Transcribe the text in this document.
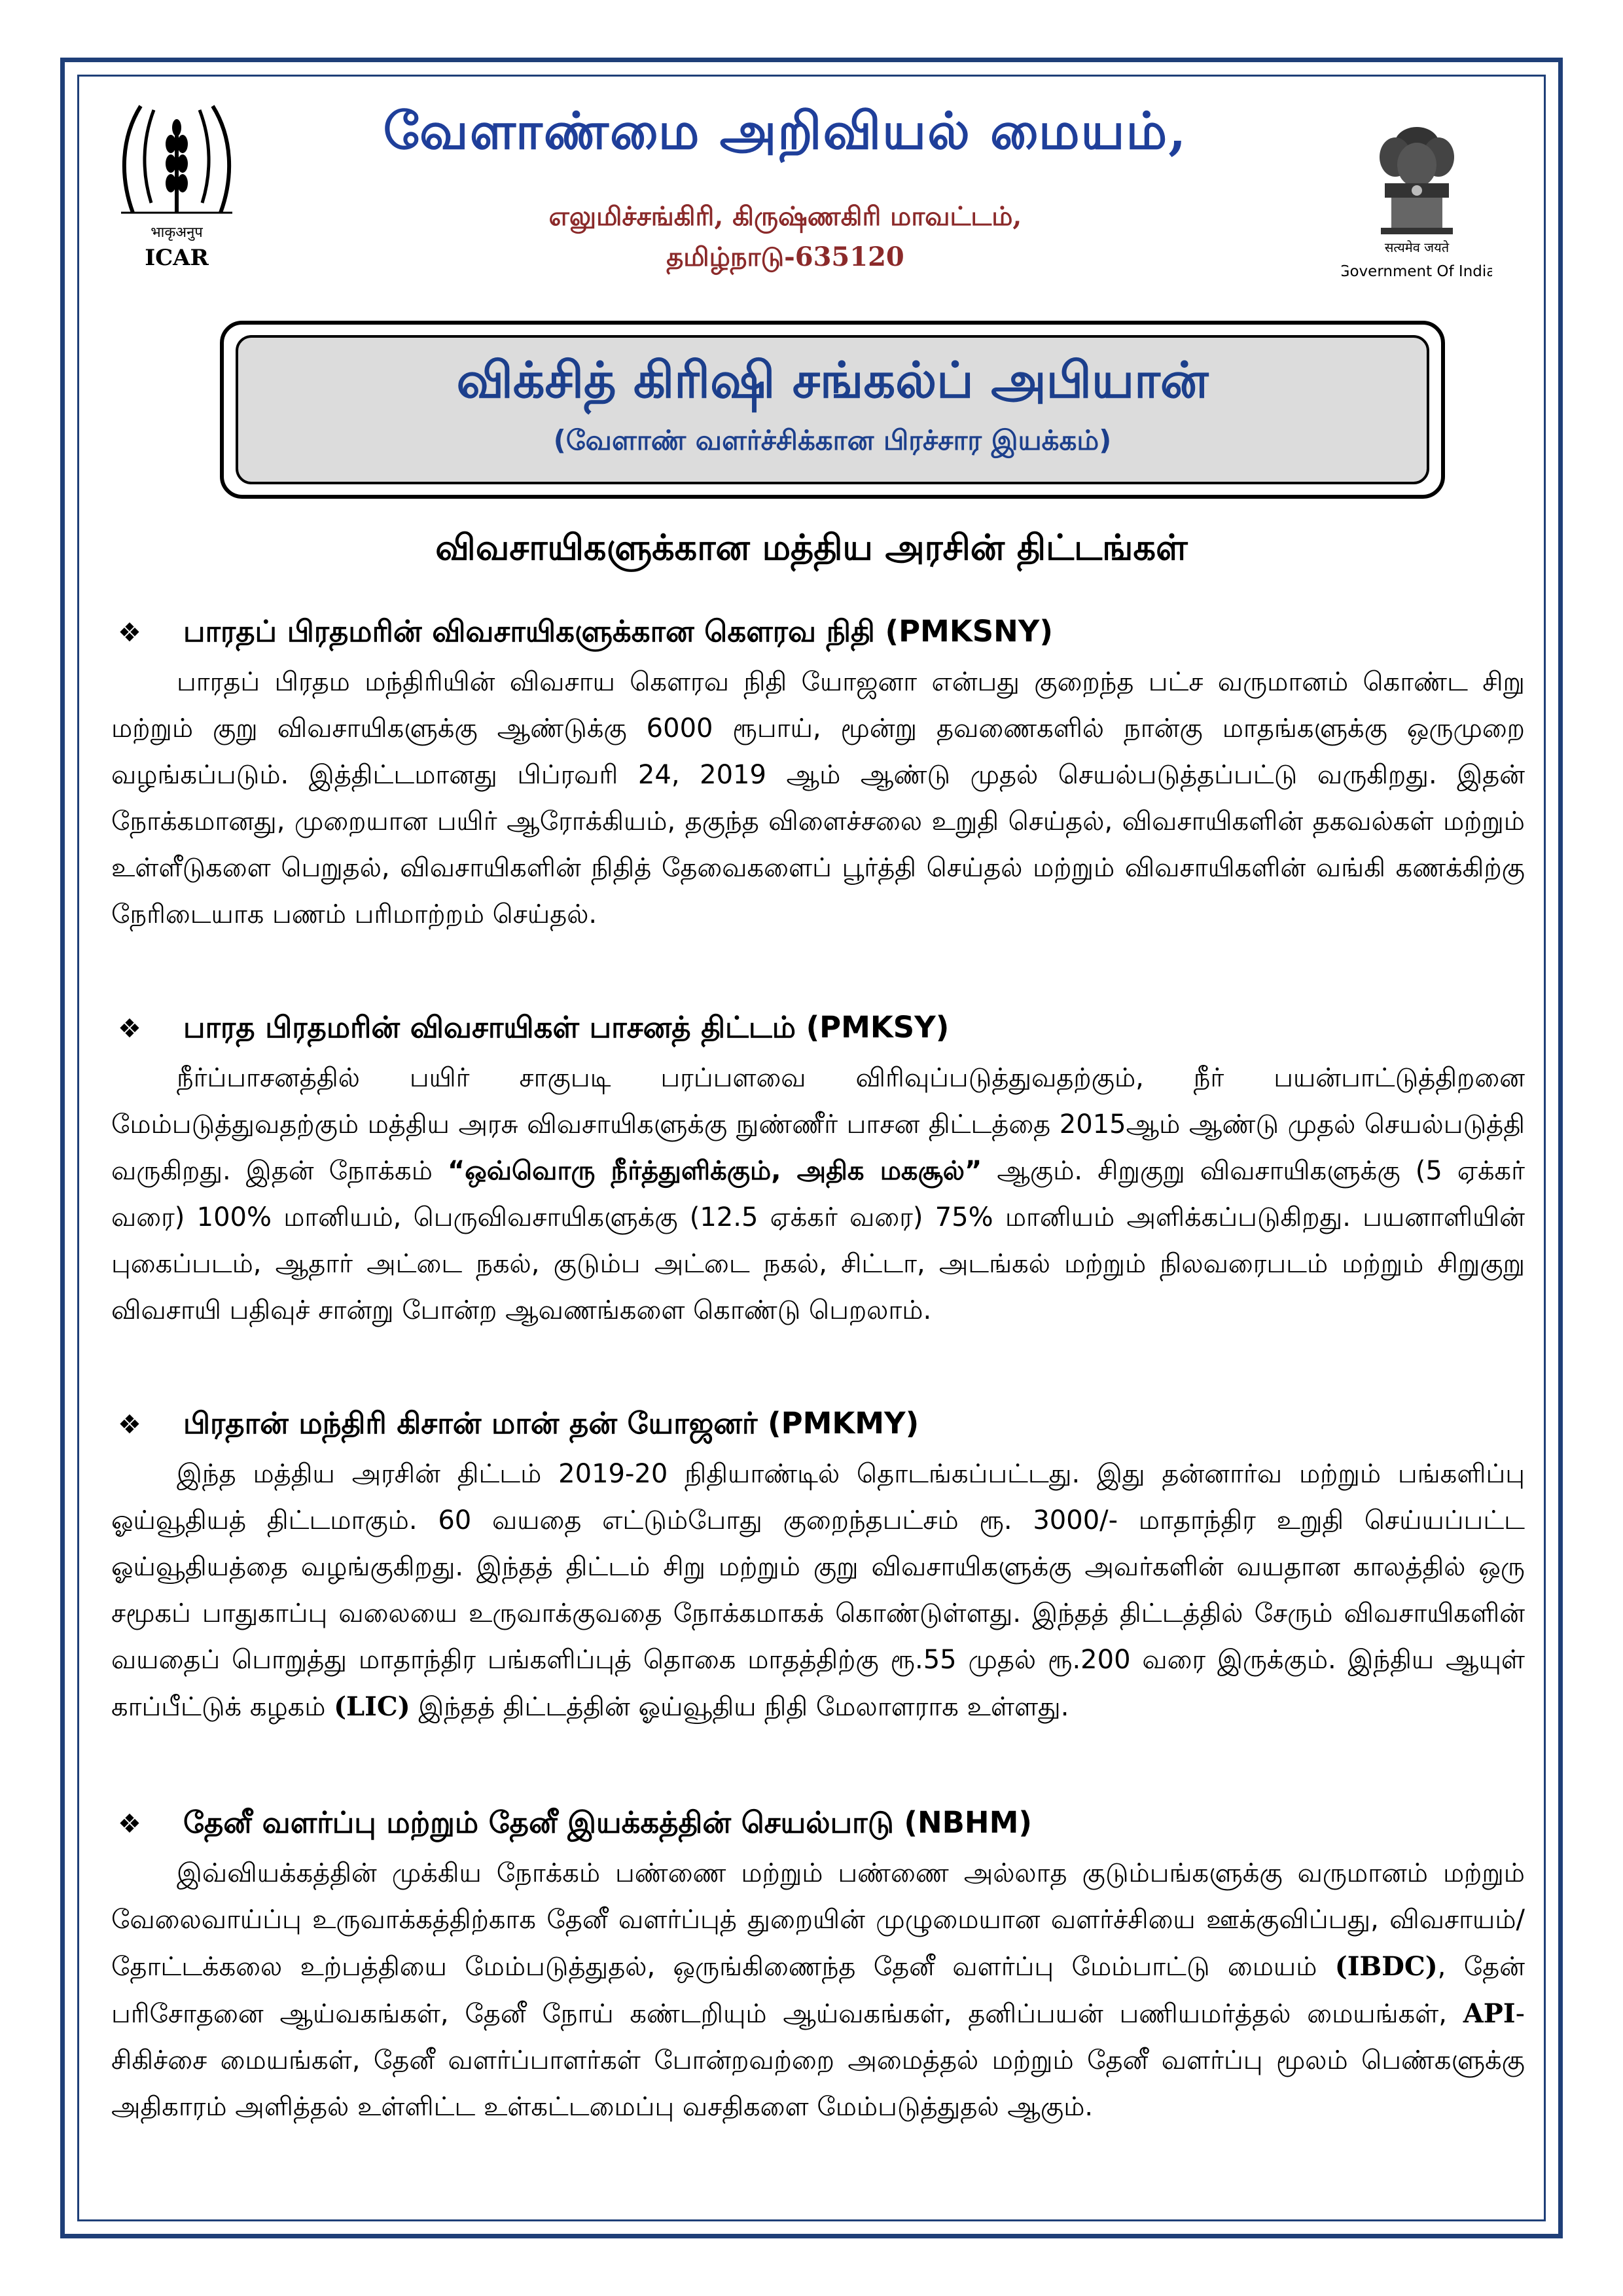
भाकृअनुप
ICAR	सत्यमेव जयते
Government Of India
வேளாண்மை அறிவியல் மையம்,
எலுமிச்சங்கிரி, கிருஷ்ணகிரி மாவட்டம்,
தமிழ்நாடு-635120
விக்சித் கிரிஷி சங்கல்ப் அபியான்
(வேளாண் வளர்ச்சிக்கான பிரச்சார இயக்கம்)
விவசாயிகளுக்கான மத்திய அரசின் திட்டங்கள்
❖ பாரதப் பிரதமரின் விவசாயிகளுக்கான கௌரவ நிதி (PMKSNY)
பாரதப் பிரதம மந்திரியின் விவசாய கௌரவ நிதி யோஜனா என்பது குறைந்த பட்ச வருமானம் கொண்ட சிறு மற்றும் குறு விவசாயிகளுக்கு ஆண்டுக்கு 6000 ரூபாய், மூன்று தவணைகளில் நான்கு மாதங்களுக்கு ஒருமுறை வழங்கப்படும். இத்திட்டமானது பிப்ரவரி 24, 2019 ஆம் ஆண்டு முதல் செயல்படுத்தப்பட்டு வருகிறது. இதன் நோக்கமானது, முறையான பயிர் ஆரோக்கியம், தகுந்த விளைச்சலை உறுதி செய்தல், விவசாயிகளின் தகவல்கள் மற்றும் உள்ளீடுகளை பெறுதல், விவசாயிகளின் நிதித் தேவைகளைப் பூர்த்தி செய்தல் மற்றும் விவசாயிகளின் வங்கி கணக்கிற்கு நேரிடையாக பணம் பரிமாற்றம் செய்தல்.
❖ பாரத பிரதமரின் விவசாயிகள் பாசனத் திட்டம் (PMKSY)
நீர்ப்பாசனத்தில் பயிர் சாகுபடி பரப்பளவை விரிவுப்படுத்துவதற்கும், நீர் பயன்பாட்டுத்திறனை மேம்படுத்துவதற்கும் மத்திய அரசு விவசாயிகளுக்கு நுண்ணீர் பாசன திட்டத்தை 2015ஆம் ஆண்டு முதல் செயல்படுத்தி வருகிறது. இதன் நோக்கம் “ஒவ்வொரு நீர்த்துளிக்கும், அதிக மகசூல்” ஆகும். சிறுகுறு விவசாயிகளுக்கு (5 ஏக்கர் வரை) 100% மானியம், பெருவிவசாயிகளுக்கு (12.5 ஏக்கர் வரை) 75% மானியம் அளிக்கப்படுகிறது. பயனாளியின் புகைப்படம், ஆதார் அட்டை நகல், குடும்ப அட்டை நகல், சிட்டா, அடங்கல் மற்றும் நிலவரைபடம் மற்றும் சிறுகுறு விவசாயி பதிவுச் சான்று போன்ற ஆவணங்களை கொண்டு பெறலாம்.
❖ பிரதான் மந்திரி கிசான் மான் தன் யோஜனர் (PMKMY)
இந்த மத்திய அரசின் திட்டம் 2019-20 நிதியாண்டில் தொடங்கப்பட்டது. இது தன்னார்வ மற்றும் பங்களிப்பு ஓய்வூதியத் திட்டமாகும். 60 வயதை எட்டும்போது குறைந்தபட்சம் ரூ. 3000/- மாதாந்திர உறுதி செய்யப்பட்ட ஓய்வூதியத்தை வழங்குகிறது. இந்தத் திட்டம் சிறு மற்றும் குறு விவசாயிகளுக்கு அவர்களின் வயதான காலத்தில் ஒரு சமூகப் பாதுகாப்பு வலையை உருவாக்குவதை நோக்கமாகக் கொண்டுள்ளது. இந்தத் திட்டத்தில் சேரும் விவசாயிகளின் வயதைப் பொறுத்து மாதாந்திர பங்களிப்புத் தொகை மாதத்திற்கு ரூ.55 முதல் ரூ.200 வரை இருக்கும். இந்திய ஆயுள் காப்பீட்டுக் கழகம் (LIC) இந்தத் திட்டத்தின் ஓய்வூதிய நிதி மேலாளராக உள்ளது.
❖ தேனீ வளர்ப்பு மற்றும் தேனீ இயக்கத்தின் செயல்பாடு (NBHM)
இவ்வியக்கத்தின் முக்கிய நோக்கம் பண்ணை மற்றும் பண்ணை அல்லாத குடும்பங்களுக்கு வருமானம் மற்றும் வேலைவாய்ப்பு உருவாக்கத்திற்காக தேனீ வளர்ப்புத் துறையின் முழுமையான வளர்ச்சியை ஊக்குவிப்பது, விவசாயம்/தோட்டக்கலை உற்பத்தியை மேம்படுத்துதல், ஒருங்கிணைந்த தேனீ வளர்ப்பு மேம்பாட்டு மையம் (IBDC), தேன் பரிசோதனை ஆய்வகங்கள், தேனீ நோய் கண்டறியும் ஆய்வகங்கள், தனிப்பயன் பணியமர்த்தல் மையங்கள், API-சிகிச்சை மையங்கள், தேனீ வளர்ப்பாளர்கள் போன்றவற்றை அமைத்தல் மற்றும் தேனீ வளர்ப்பு மூலம் பெண்களுக்கு அதிகாரம் அளித்தல் உள்ளிட்ட உள்கட்டமைப்பு வசதிகளை மேம்படுத்துதல் ஆகும்.
